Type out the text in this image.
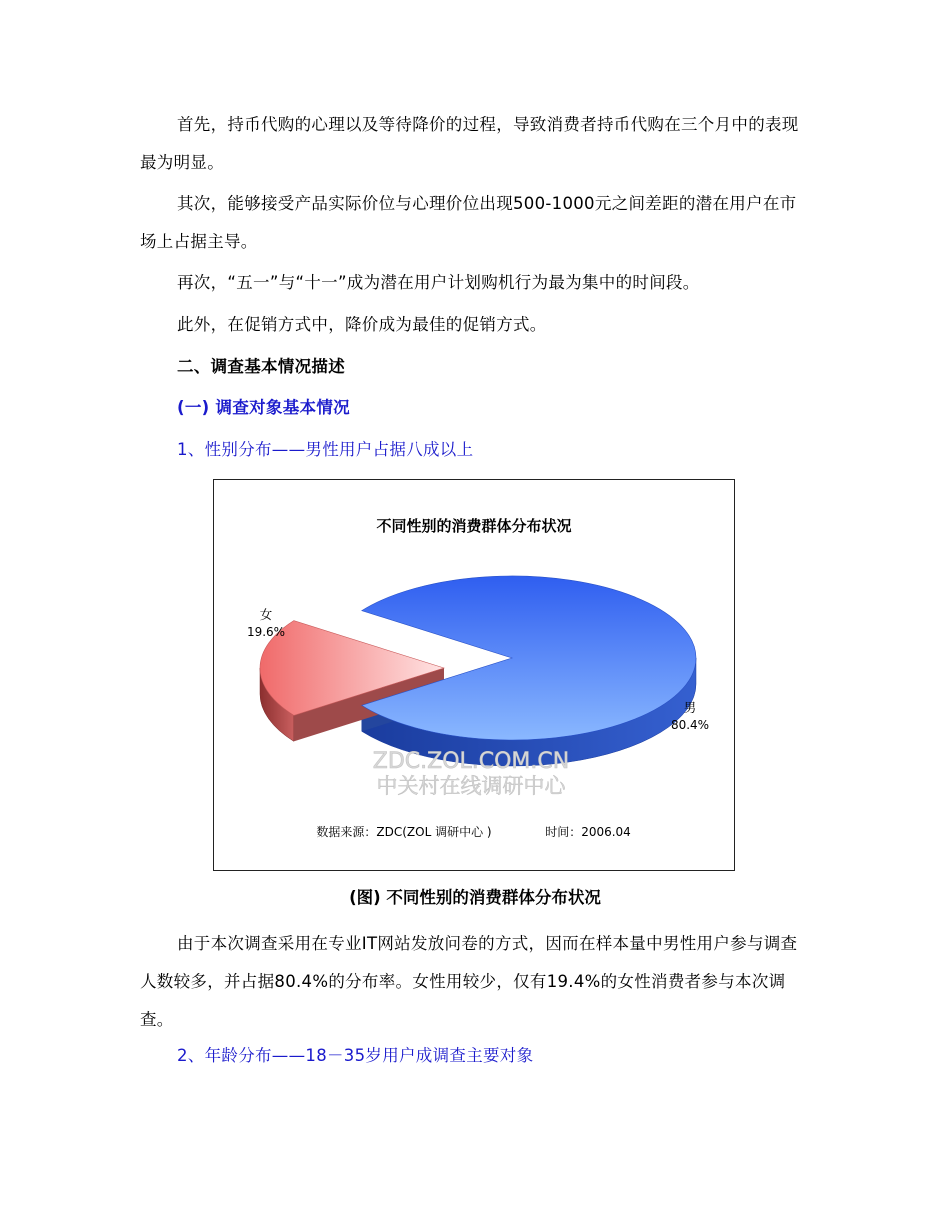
首先，持币代购的心理以及等待降价的过程，导致消费者持币代购在三个月中的表现最为明显。

其次，能够接受产品实际价位与心理价位出现500-1000元之间差距的潜在用户在市场上占据主导。

再次，“五一”与“十一”成为潜在用户计划购机行为最为集中的时间段。

此外，在促销方式中，降价成为最佳的促销方式。

二、调查基本情况描述

(一) 调查对象基本情况

1、性别分布——男性用户占据八成以上

不同性别的消费群体分布状况
女
19.6%
男
80.4%
ZDC.ZOL.COM.CN
中关村在线调研中心
数据来源：ZDC(ZOL 调研中心 )	时间：2006.04
(图) 不同性别的消费群体分布状况

由于本次调查采用在专业IT网站发放问卷的方式，因而在样本量中男性用户参与调查人数较多，并占据80.4%的分布率。女性用较少，仅有19.4%的女性消费者参与本次调查。

2、年龄分布——18－35岁用户成调查主要对象
